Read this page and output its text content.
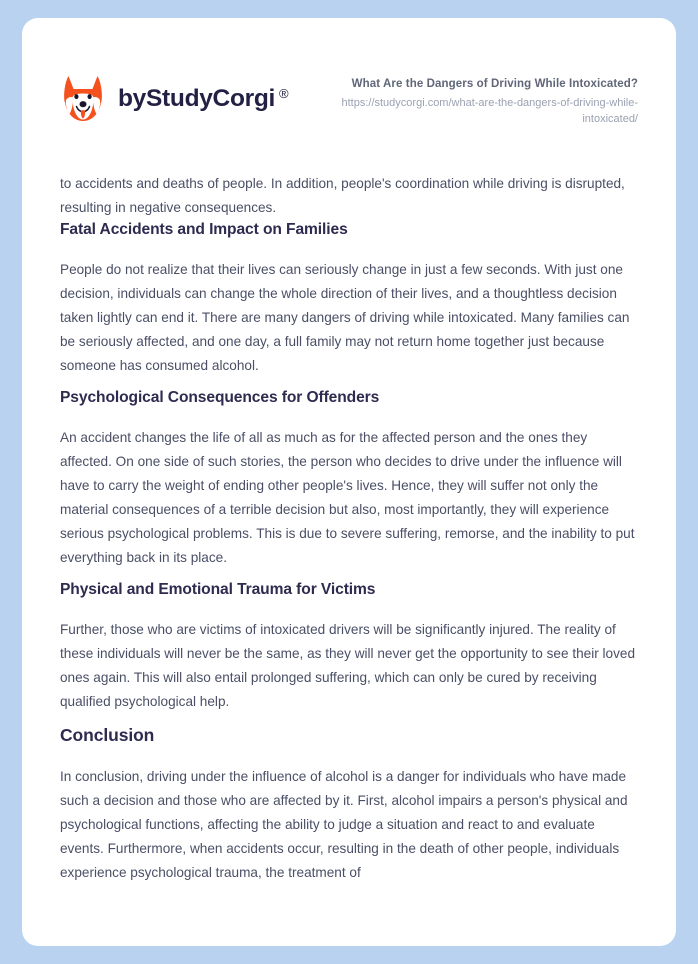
by StudyCorgi ®
What Are the Dangers of Driving While Intoxicated?
https://studycorgi.com/what-are-the-dangers-of-driving-while-intoxicated/

to accidents and deaths of people. In addition, people's coordination while driving is disrupted, resulting in negative consequences.

Fatal Accidents and Impact on Families

People do not realize that their lives can seriously change in just a few seconds. With just one decision, individuals can change the whole direction of their lives, and a thoughtless decision taken lightly can end it. There are many dangers of driving while intoxicated. Many families can be seriously affected, and one day, a full family may not return home together just because someone has consumed alcohol.

Psychological Consequences for Offenders

An accident changes the life of all as much as for the affected person and the ones they affected. On one side of such stories, the person who decides to drive under the influence will have to carry the weight of ending other people's lives. Hence, they will suffer not only the material consequences of a terrible decision but also, most importantly, they will experience serious psychological problems. This is due to severe suffering, remorse, and the inability to put everything back in its place.

Physical and Emotional Trauma for Victims

Further, those who are victims of intoxicated drivers will be significantly injured. The reality of these individuals will never be the same, as they will never get the opportunity to see their loved ones again. This will also entail prolonged suffering, which can only be cured by receiving qualified psychological help.

Conclusion

In conclusion, driving under the influence of alcohol is a danger for individuals who have made such a decision and those who are affected by it. First, alcohol impairs a person's physical and psychological functions, affecting the ability to judge a situation and react to and evaluate events. Furthermore, when accidents occur, resulting in the death of other people, individuals experience psychological trauma, the treatment of
